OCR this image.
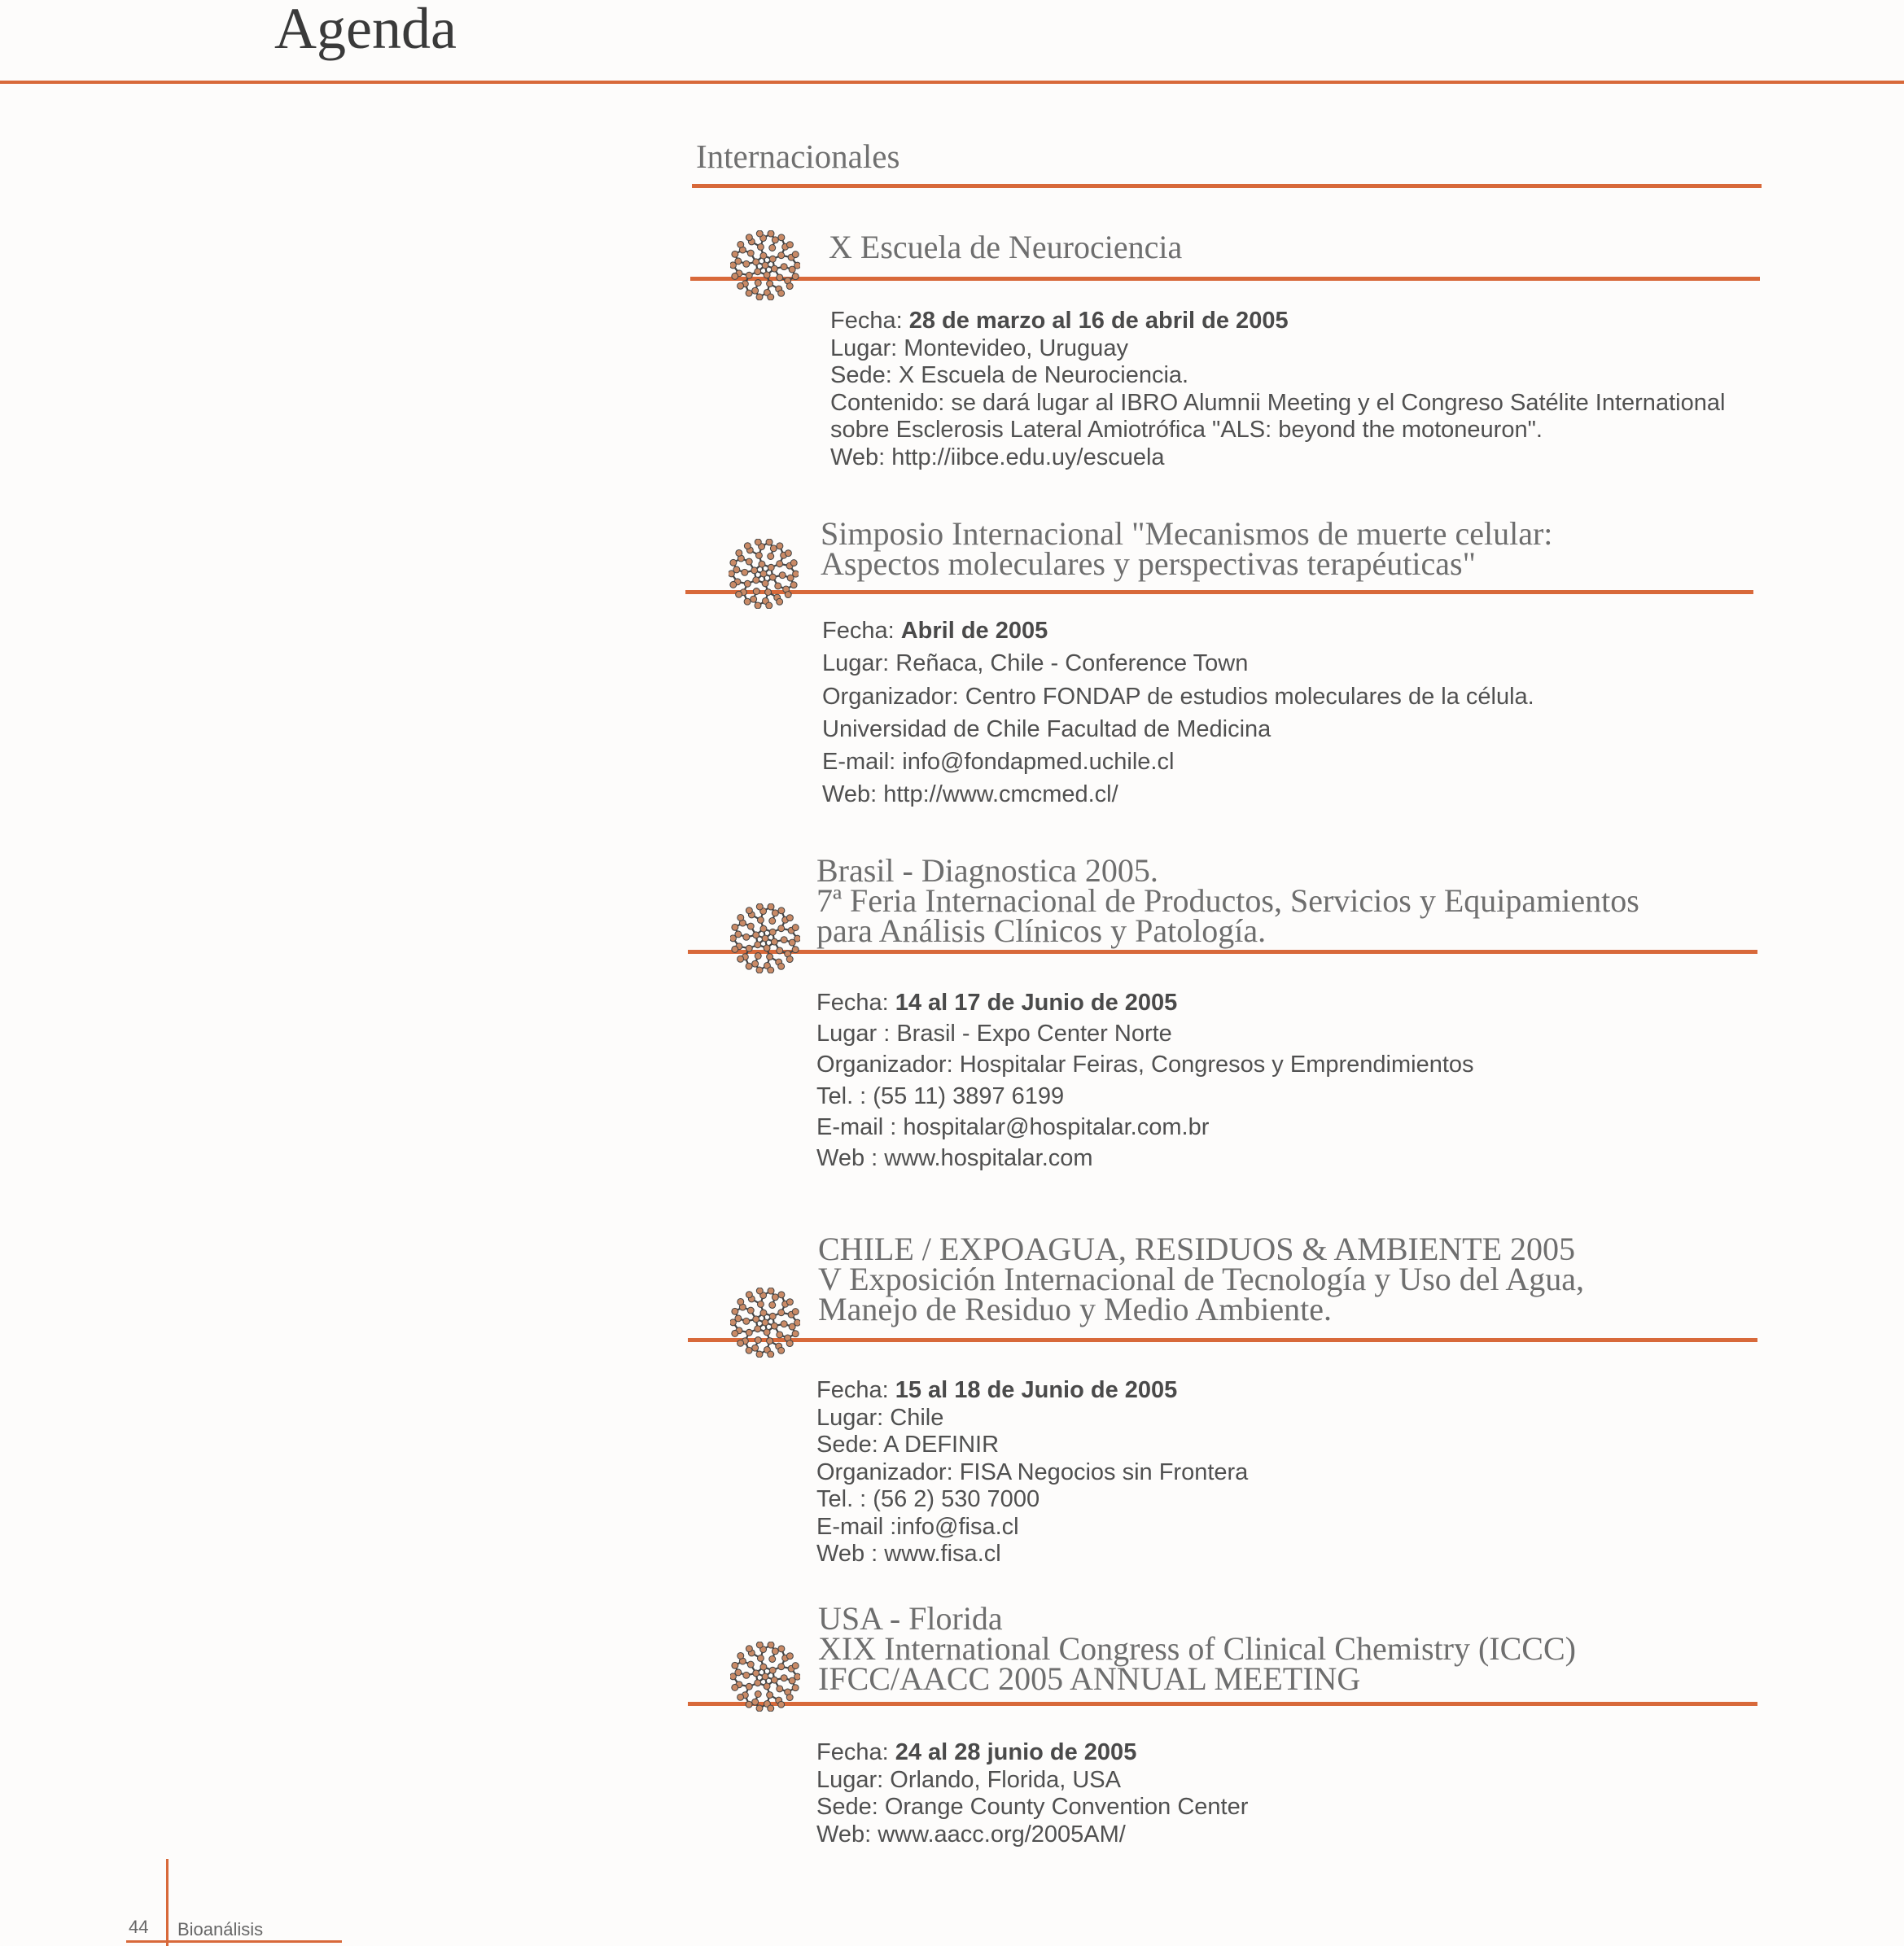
Agenda
Internacionales
X Escuela de Neurociencia
Fecha: 28 de marzo al 16 de abril de 2005
Lugar: Montevideo, Uruguay
Sede: X Escuela de Neurociencia.
Contenido: se dará lugar al IBRO Alumnii Meeting y el Congreso Satélite International
sobre Esclerosis Lateral Amiotrófica "ALS: beyond the motoneuron".
Web: http://iibce.edu.uy/escuela
Simposio Internacional "Mecanismos de muerte celular:
Aspectos moleculares y perspectivas terapéuticas"
Fecha: Abril de 2005
Lugar: Reñaca, Chile - Conference Town
Organizador: Centro FONDAP de estudios moleculares de la célula.
Universidad de Chile Facultad de Medicina
E-mail: info@fondapmed.uchile.cl
Web: http://www.cmcmed.cl/
Brasil - Diagnostica 2005.
7ª Feria Internacional de Productos, Servicios y Equipamientos
para Análisis Clínicos y Patología.
Fecha: 14 al 17 de Junio de 2005
Lugar : Brasil - Expo Center Norte
Organizador: Hospitalar Feiras, Congresos y Emprendimientos
Tel. : (55 11) 3897 6199
E-mail : hospitalar@hospitalar.com.br
Web : www.hospitalar.com
CHILE / EXPOAGUA, RESIDUOS & AMBIENTE 2005
V Exposición Internacional de Tecnología y Uso del Agua,
Manejo de Residuo y Medio Ambiente.
Fecha: 15 al 18 de Junio de 2005
Lugar: Chile
Sede: A DEFINIR
Organizador: FISA Negocios sin Frontera
Tel. : (56 2) 530 7000
E-mail :info@fisa.cl
Web : www.fisa.cl
USA - Florida
XIX International Congress of Clinical Chemistry (ICCC)
IFCC/AACC 2005 ANNUAL MEETING
Fecha: 24 al 28 junio de 2005
Lugar: Orlando, Florida, USA
Sede: Orange County Convention Center
Web: www.aacc.org/2005AM/
44 Bioanálisis
